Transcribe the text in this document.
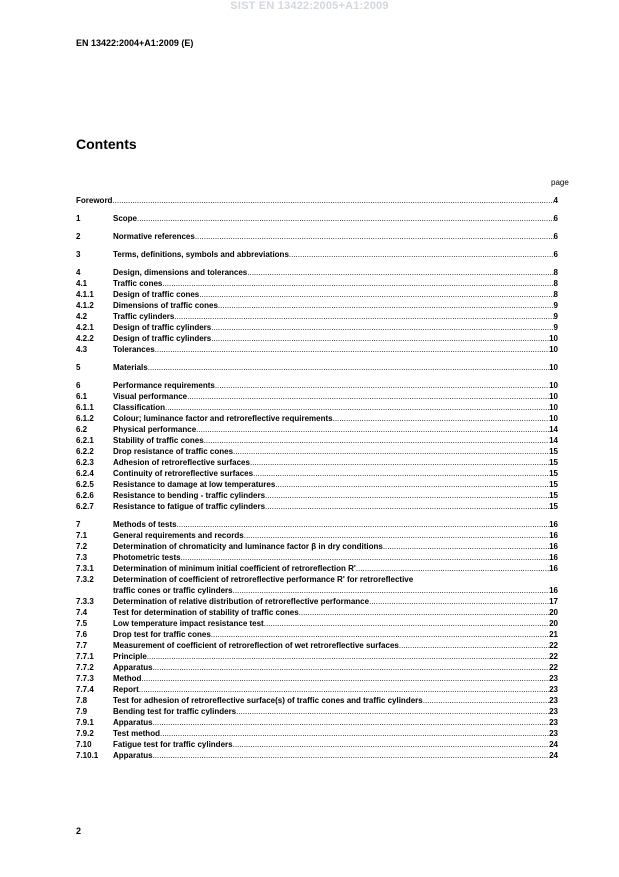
SIST EN 13422:2005+A1:2009
EN 13422:2004+A1:2009 (E)
Contents
page
Foreword .....	4
1	Scope .....	6
2	Normative references .....	6
3	Terms, definitions, symbols and abbreviations .....	6
4	Design, dimensions and tolerances .....	8
4.1	Traffic cones .....	8
4.1.1	Design of traffic cones .....	8
4.1.2	Dimensions of traffic cones .....	9
4.2	Traffic cylinders .....	9
4.2.1	Design of traffic cylinders .....	9
4.2.2	Design of traffic cylinders .....	10
4.3	Tolerances .....	10
5	Materials .....	10
6	Performance requirements .....	10
6.1	Visual performance .....	10
6.1.1	Classification .....	10
6.1.2	Colour; luminance factor and retroreflective requirements .....	10
6.2	Physical performance .....	14
6.2.1	Stability of traffic cones .....	14
6.2.2	Drop resistance of traffic cones .....	15
6.2.3	Adhesion of retroreflective surfaces .....	15
6.2.4	Continuity of retroreflective surfaces .....	15
6.2.5	Resistance to damage at low temperatures .....	15
6.2.6	Resistance to bending - traffic cylinders .....	15
6.2.7	Resistance to fatigue of traffic cylinders .....	15
7	Methods of tests .....	16
7.1	General requirements and records .....	16
7.2	Determination of chromaticity and luminance factor β in dry conditions .....	16
7.3	Photometric tests .....	16
7.3.1	Determination of minimum initial coefficient of retroreflection R' .....	16
7.3.2	Determination of coefficient of retroreflective performance R' for retroreflective
traffic cones or traffic cylinders .....	16
7.3.3	Determination of relative distribution of retroreflective performance .....	17
7.4	Test for determination of stability of traffic cones .....	20
7.5	Low temperature impact resistance test .....	20
7.6	Drop test for traffic cones .....	21
7.7	Measurement of coefficient of retroreflection of wet retroreflective surfaces .....	22
7.7.1	Principle .....	22
7.7.2	Apparatus .....	22
7.7.3	Method .....	23
7.7.4	Report .....	23
7.8	Test for adhesion of retroreflective surface(s) of traffic cones and traffic cylinders .....	23
7.9	Bending test for traffic cylinders .....	23
7.9.1	Apparatus .....	23
7.9.2	Test method .....	23
7.10	Fatigue test for traffic cylinders .....	24
7.10.1	Apparatus .....	24
2
